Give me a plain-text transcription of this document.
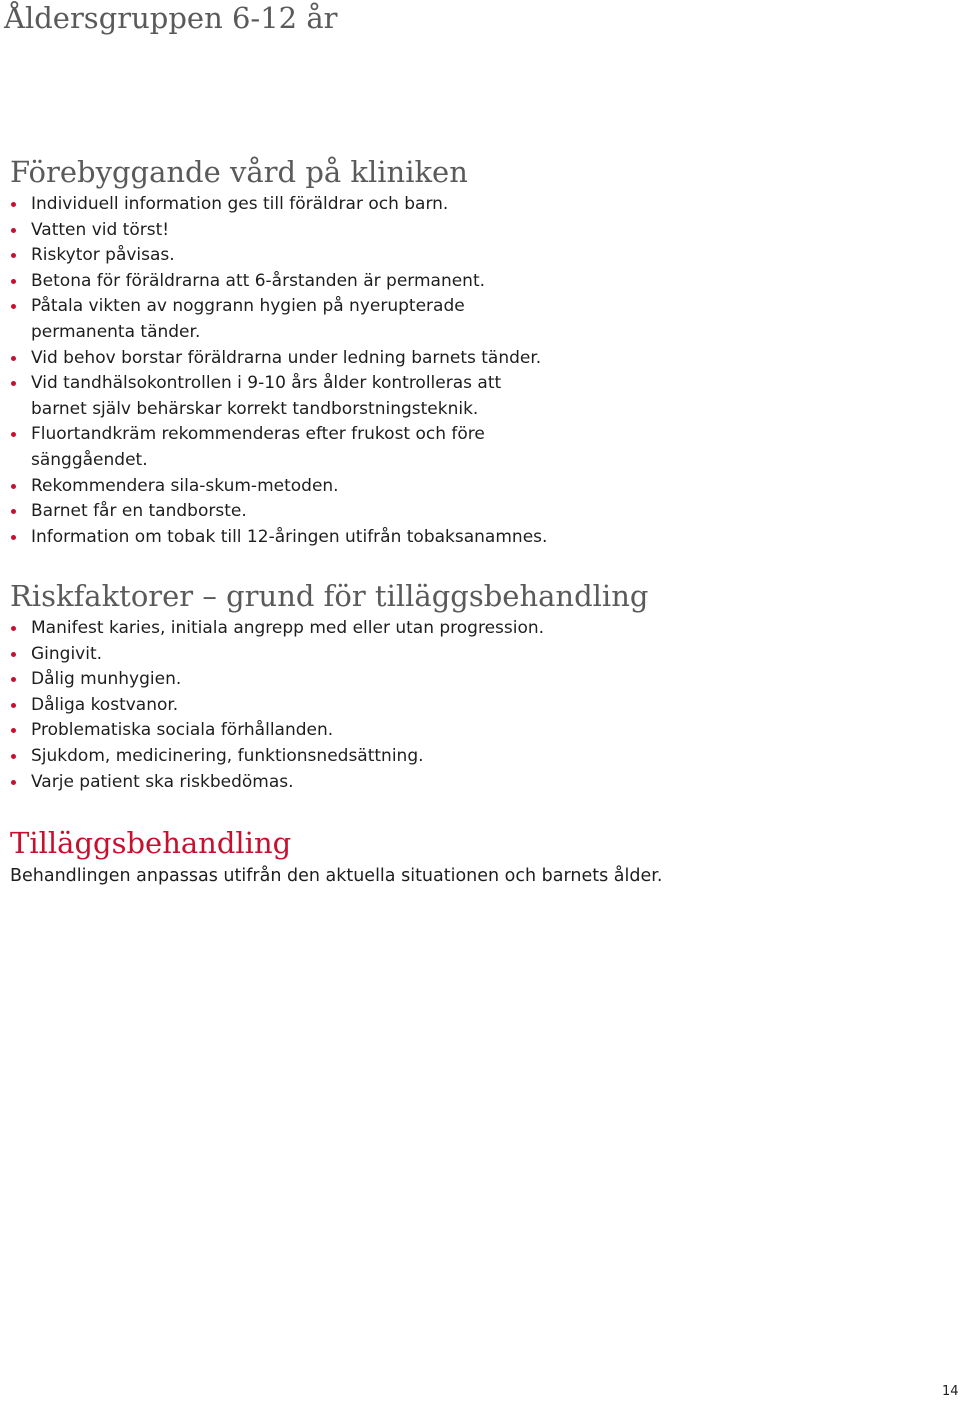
Åldersgruppen 6-12 år
Förebyggande vård på kliniken
Individuell information ges till föräldrar och barn.
Vatten vid törst!
Riskytor påvisas.
Betona för föräldrarna att 6-årstanden är permanent.
Påtala vikten av noggrann hygien på nyerupterade
permanenta tänder.
Vid behov borstar föräldrarna under ledning barnets tänder.
Vid tandhälsokontrollen i 9-10 års ålder kontrolleras att
barnet själv behärskar korrekt tandborstningsteknik.
Fluortandkräm rekommenderas efter frukost och före
sänggåendet.
Rekommendera sila-skum-metoden.
Barnet får en tandborste.
Information om tobak till 12-åringen utifrån tobaksanamnes.
Riskfaktorer – grund för tilläggsbehandling
Manifest karies, initiala angrepp med eller utan progression.
Gingivit.
Dålig munhygien.
Dåliga kostvanor.
Problematiska sociala förhållanden.
Sjukdom, medicinering, funktionsnedsättning.
Varje patient ska riskbedömas.
Tilläggsbehandling

Behandlingen anpassas utifrån den aktuella situationen och barnets ålder.

14
